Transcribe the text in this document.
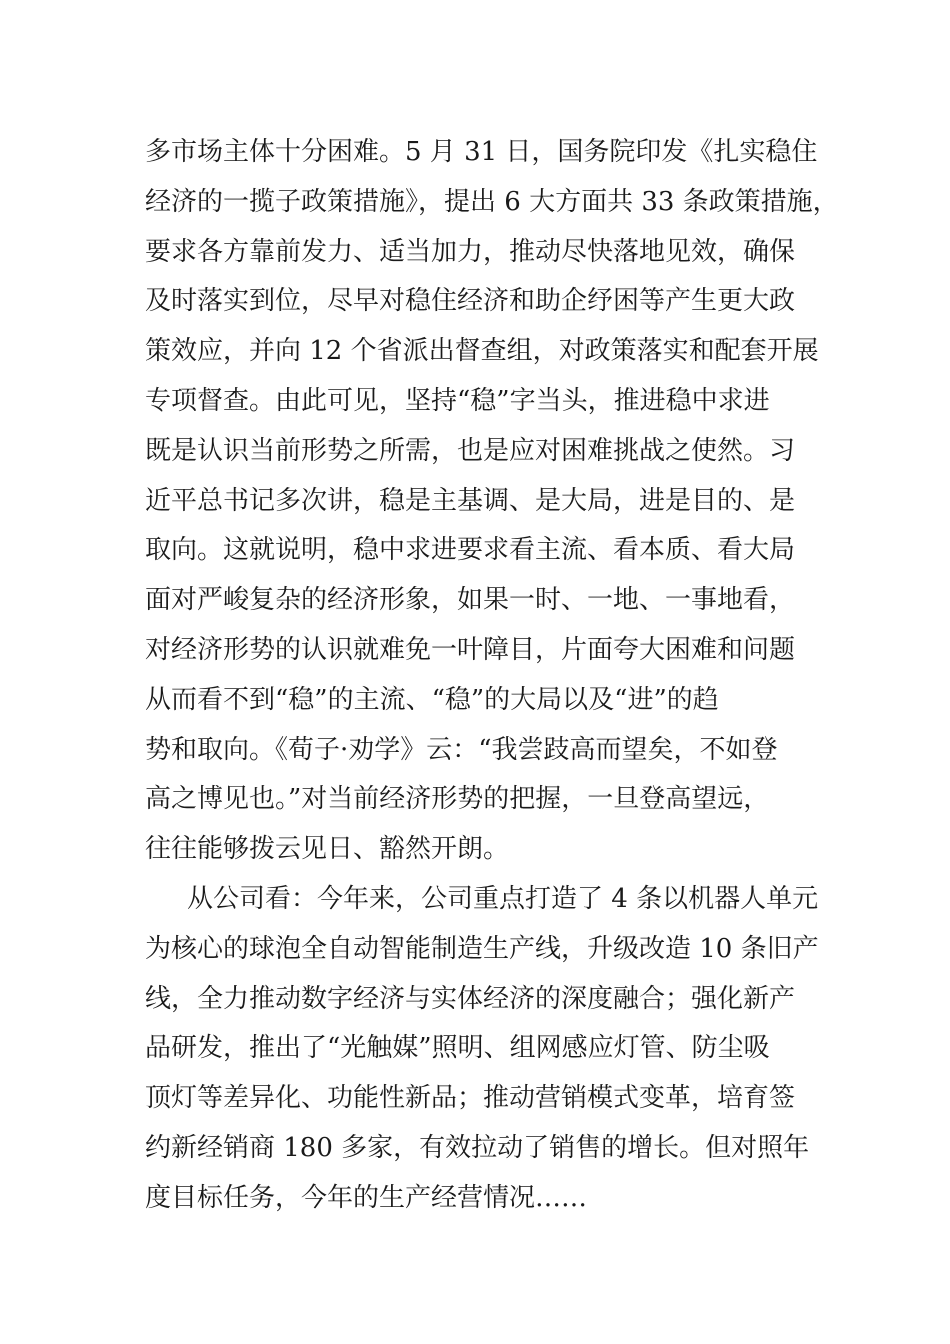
多市场主体十分困难。5 月 31 日，国务院印发《扎实稳住
经济的一揽子政策措施》，提出 6 大方面共 33 条政策措施，
要求各方靠前发力、适当加力，推动尽快落地见效，确保
及时落实到位，尽早对稳住经济和助企纾困等产生更大政
策效应，并向 12 个省派出督查组，对政策落实和配套开展
专项督查。由此可见，坚持“稳”字当头，推进稳中求进
既是认识当前形势之所需，也是应对困难挑战之使然。习
近平总书记多次讲，稳是主基调、是大局，进是目的、是
取向。这就说明，稳中求进要求看主流、看本质、看大局
面对严峻复杂的经济形象，如果一时、一地、一事地看，
对经济形势的认识就难免一叶障目，片面夸大困难和问题
从而看不到“稳”的主流、“稳”的大局以及“进”的趋
势和取向。《荀子·劝学》云：“我尝跂高而望矣，不如登
高之博见也。”对当前经济形势的把握，一旦登高望远，
往往能够拨云见日、豁然开朗。
从公司看：今年来，公司重点打造了 4 条以机器人单元
为核心的球泡全自动智能制造生产线，升级改造 10 条旧产
线，全力推动数字经济与实体经济的深度融合；强化新产
品研发，推出了“光触媒”照明、组网感应灯管、防尘吸
顶灯等差异化、功能性新品；推动营销模式变革，培育签
约新经销商 180 多家，有效拉动了销售的增长。但对照年
度目标任务，今年的生产经营情况……
